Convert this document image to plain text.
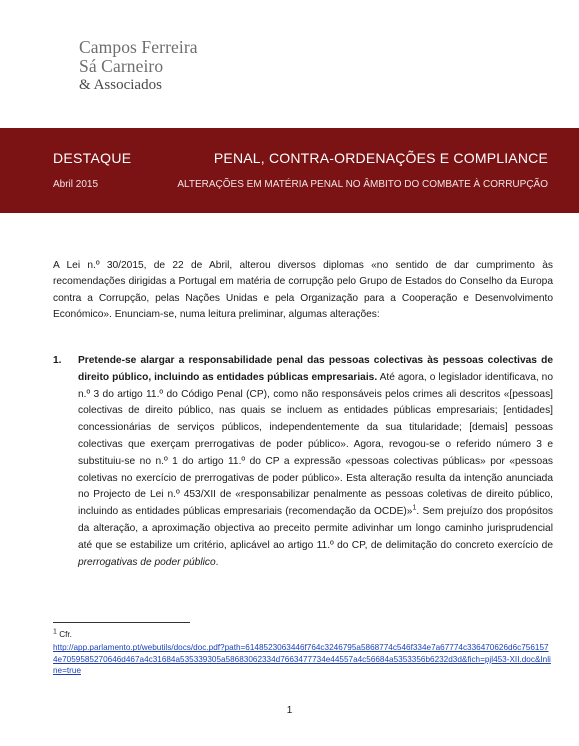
Campos Ferreira
Sá Carneiro
& Associados
DESTAQUE
Abril 2015
PENAL, CONTRA-ORDENAÇÕES E COMPLIANCE
ALTERAÇÕES EM MATÉRIA PENAL NO ÂMBITO DO COMBATE À CORRUPÇÃO

A Lei n.º 30/2015, de 22 de Abril, alterou diversos diplomas «no sentido de dar cumprimento às recomendações dirigidas a Portugal em matéria de corrupção pelo Grupo de Estados do Conselho da Europa contra a Corrupção, pelas Nações Unidas e pela Organização para a Cooperação e Desenvolvimento Económico». Enunciam-se, numa leitura preliminar, algumas alterações:

1. Pretende-se alargar a responsabilidade penal das pessoas colectivas às pessoas colectivas de direito público, incluindo as entidades públicas empresariais. Até agora, o legislador identificava, no n.º 3 do artigo 11.º do Código Penal (CP), como não responsáveis pelos crimes ali descritos «[pessoas] colectivas de direito público, nas quais se incluem as entidades públicas empresariais; [entidades] concessionárias de serviços públicos, independentemente da sua titularidade; [demais] pessoas colectivas que exerçam prerrogativas de poder público». Agora, revogou-se o referido número 3 e substituiu-se no n.º 1 do artigo 11.º do CP a expressão «pessoas colectivas públicas» por «pessoas coletivas no exercício de prerrogativas de poder público». Esta alteração resulta da intenção anunciada no Projecto de Lei n.º 453/XII de «responsabilizar penalmente as pessoas coletivas de direito público, incluindo as entidades públicas empresariais (recomendação da OCDE)»$^1$. Sem prejuízo dos propósitos da alteração, a aproximação objectiva ao preceito permite adivinhar um longo caminho jurisprudencial até que se estabilize um critério, aplicável ao artigo 11.º do CP, de delimitação do concreto exercício de prerrogativas de poder público.
$^1$ Cfr.
http://app.parlamento.pt/webutils/docs/doc.pdf?path=6148523063446f764c3246795a5868774c546f334e7a67774c336470626d6c7561574e7059585270646d467a4c31684a535339305a58683062334d7663477734e44557a4c56684a5353356b6232d3d&fich=pjl453-XII.doc&Inline=true
1
